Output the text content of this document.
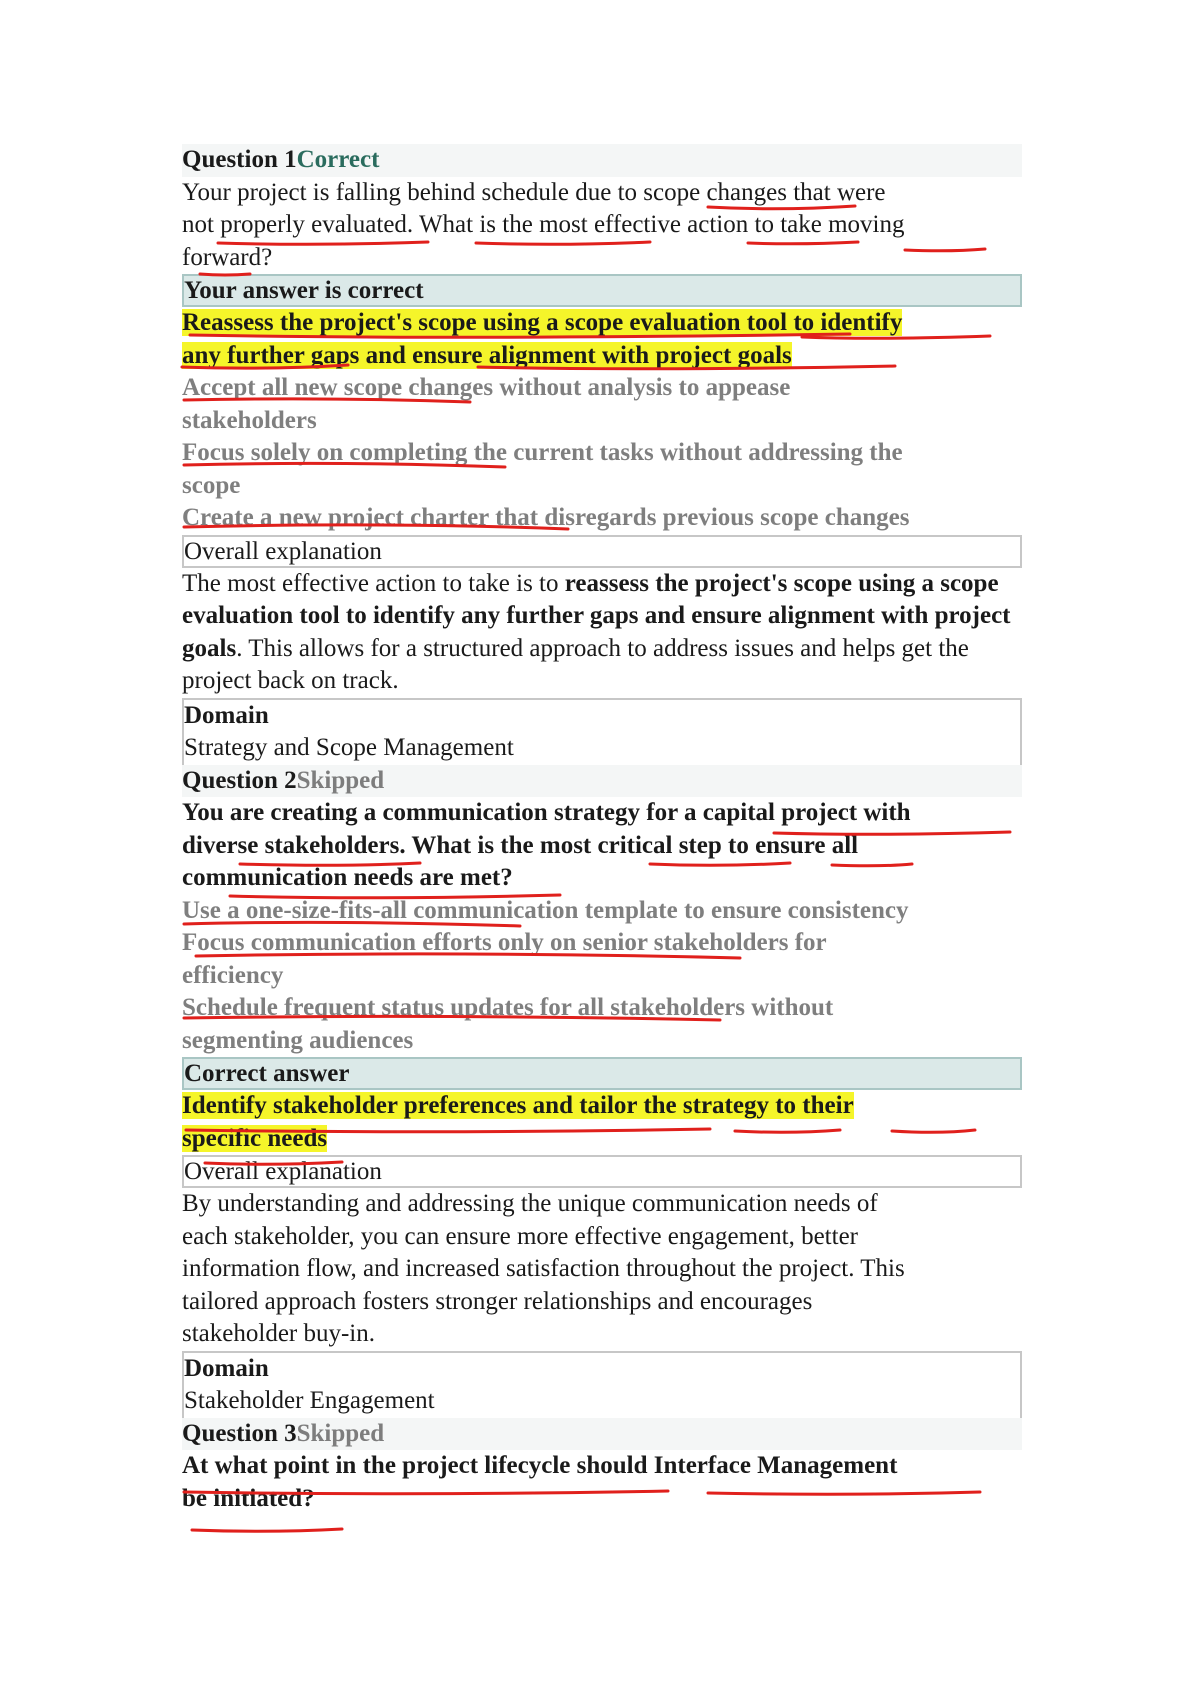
Question 1Correct
Your project is falling behind schedule due to scope changes that were
not properly evaluated. What is the most effective action to take moving
forward?
Your answer is correct
Reassess the project's scope using a scope evaluation tool to identify
any further gaps and ensure alignment with project goals
Accept all new scope changes without analysis to appease
stakeholders
Focus solely on completing the current tasks without addressing the
scope
Create a new project charter that disregards previous scope changes
Overall explanation
The most effective action to take is to reassess the project's scope using a scope evaluation tool to identify any further gaps and ensure alignment with project goals. This allows for a structured approach to address issues and helps get the project back on track.
Domain
Strategy and Scope Management
Question 2Skipped
You are creating a communication strategy for a capital project with
diverse stakeholders. What is the most critical step to ensure all
communication needs are met?
Use a one-size-fits-all communication template to ensure consistency
Focus communication efforts only on senior stakeholders for
efficiency
Schedule frequent status updates for all stakeholders without
segmenting audiences
Correct answer
Identify stakeholder preferences and tailor the strategy to their
specific needs
Overall explanation
By understanding and addressing the unique communication needs of
each stakeholder, you can ensure more effective engagement, better
information flow, and increased satisfaction throughout the project. This
tailored approach fosters stronger relationships and encourages
stakeholder buy-in.
Domain
Stakeholder Engagement
Question 3Skipped
At what point in the project lifecycle should Interface Management
be initiated?
